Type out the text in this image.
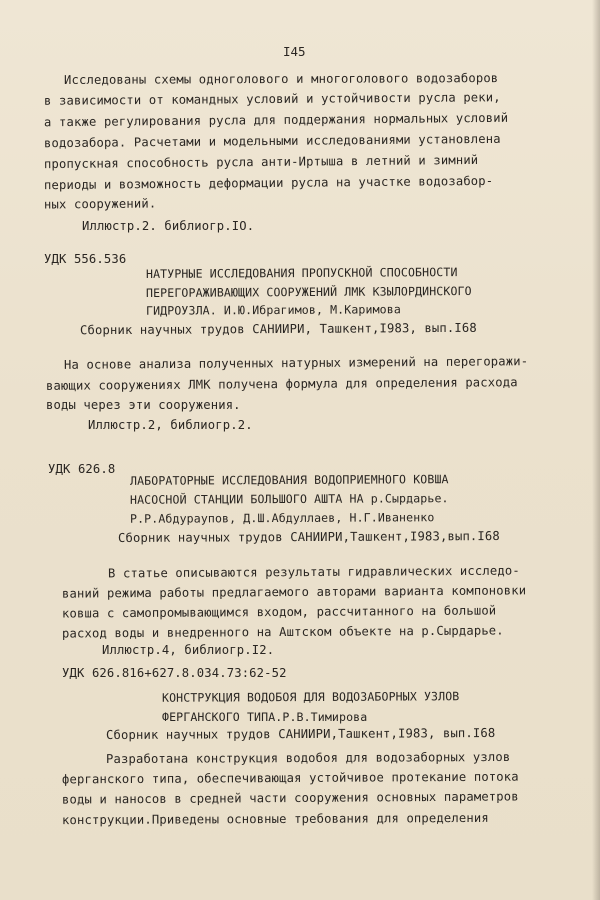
I45
Исследованы схемы одноголового и многоголового водозаборов
в зависимости от командных условий и устойчивости русла реки,
а также регулирования русла для поддержания нормальных условий
водозабора. Расчетами и модельными исследованиями установлена
пропускная способность русла анти-Иртыша в летний и зимний
периоды и возможность деформации русла на участке водозабор-
ных сооружений.
Иллюстр.2. библиогр.IO.
УДК 556.536
НАТУРНЫЕ ИССЛЕДОВАНИЯ ПРОПУСКНОЙ СПОСОБНОСТИ
ПЕРЕГОРАЖИВАЮЩИХ СООРУЖЕНИЙ ЛМК КЗЫЛОРДИНСКОГО
ГИДРОУЗЛА. И.Ю.Ибрагимов, М.Каримова
Сборник научных трудов САНИИРИ, Ташкент,I983, вып.I68
На основе анализа полученных натурных измерений на перегоражи-
вающих сооружениях ЛМК получена формула для определения расхода
воды через эти сооружения.
Иллюстр.2, библиогр.2.
УДК 626.8
ЛАБОРАТОРНЫЕ ИССЛЕДОВАНИЯ ВОДОПРИЕМНОГО КОВША
НАСОСНОЙ СТАНЦИИ БОЛЬШОГО АШТА НА р.Сырдарье.
Р.Р.Абдураупов, Д.Ш.Абдуллаев, Н.Г.Иваненко
Сборник научных трудов САНИИРИ,Ташкент,I983,вып.I68
В статье описываются результаты гидравлических исследо-
ваний режима работы предлагаемого авторами варианта компоновки
ковша с самопромывающимся входом, рассчитанного на большой
расход воды и внедренного на Аштском объекте на р.Сырдарье.
Иллюстр.4, библиогр.I2.
УДК 626.816+627.8.034.73:62-52
КОНСТРУКЦИЯ ВОДОБОЯ ДЛЯ ВОДОЗАБОРНЫХ УЗЛОВ
ФЕРГАНСКОГО ТИПА.Р.В.Тимирова
Сборник научных трудов САНИИРИ,Ташкент,I983, вып.I68
Разработана конструкция водобоя для водозаборных узлов
ферганского типа, обеспечивающая устойчивое протекание потока
воды и наносов в средней части сооружения основных параметров
конструкции.Приведены основные требования для определения
